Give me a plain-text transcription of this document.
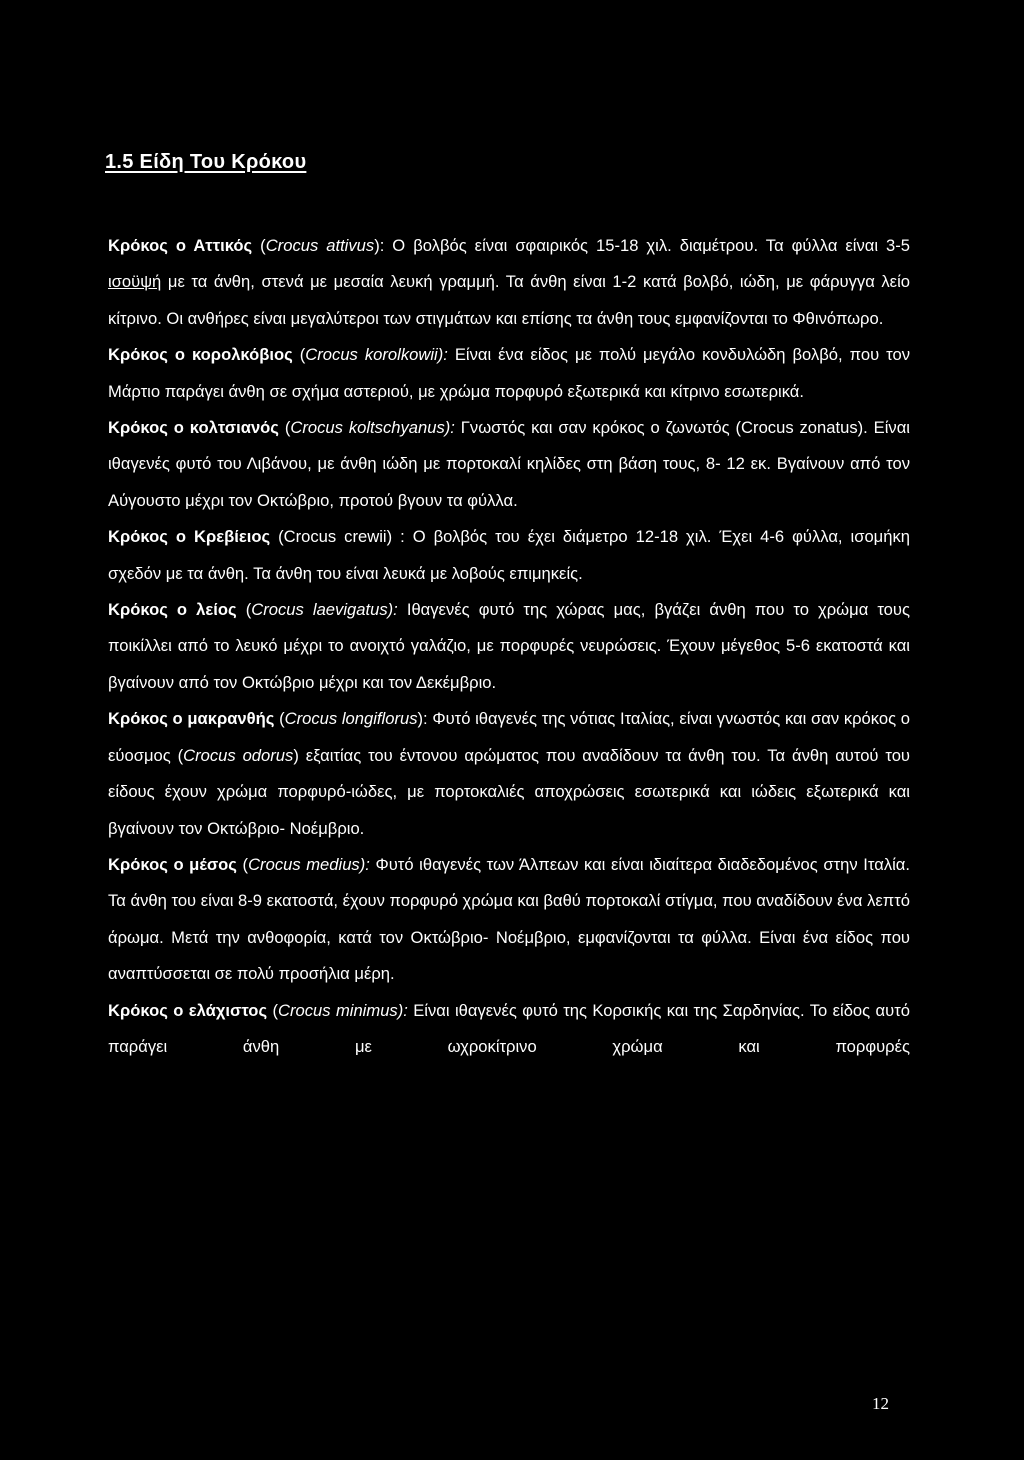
1.5 Είδη Του Κρόκου

Κρόκος ο Αττικός (Crocus attivus): Ο βολβός είναι σφαιρικός 15-18 χιλ. διαμέτρου. Τα φύλλα είναι 3-5 ισοϋψή με τα άνθη, στενά με μεσαία λευκή γραμμή. Τα άνθη είναι 1-2 κατά βολβό, ιώδη, με φάρυγγα λείο κίτρινο. Οι ανθήρες είναι μεγαλύτεροι των στιγμάτων και επίσης τα άνθη τους εμφανίζονται το Φθινόπωρο.

Κρόκος ο κορολκόβιος (Crocus korolkowii): Είναι ένα είδος με πολύ μεγάλο κονδυλώδη βολβό, που τον Μάρτιο παράγει άνθη σε σχήμα αστεριού, με χρώμα πορφυρό εξωτερικά και κίτρινο εσωτερικά.

Κρόκος ο κολτσιανός (Crocus koltschyanus): Γνωστός και σαν κρόκος ο ζωνωτός (Crocus zonatus). Είναι ιθαγενές φυτό του Λιβάνου, με άνθη ιώδη με πορτοκαλί κηλίδες στη βάση τους, 8- 12 εκ. Βγαίνουν από τον Αύγουστο μέχρι τον Οκτώβριο, προτού βγουν τα φύλλα.

Κρόκος ο Κρεβίειος (Crocus crewii) : Ο βολβός του έχει διάμετρο 12-18 χιλ. Έχει 4-6 φύλλα, ισομήκη σχεδόν με τα άνθη. Τα άνθη του είναι λευκά με λοβούς επιμηκείς.

Κρόκος ο λείος (Crocus laevigatus): Ιθαγενές φυτό της χώρας μας, βγάζει άνθη που το χρώμα τους ποικίλλει από το λευκό μέχρι το ανοιχτό γαλάζιο, με πορφυρές νευρώσεις. Έχουν μέγεθος 5-6 εκατοστά και βγαίνουν από τον Οκτώβριο μέχρι και τον Δεκέμβριο.

Κρόκος ο μακρανθής (Crocus longiflorus): Φυτό ιθαγενές της νότιας Ιταλίας, είναι γνωστός και σαν κρόκος ο εύοσμος (Crocus odorus) εξαιτίας του έντονου αρώματος που αναδίδουν τα άνθη του. Τα άνθη αυτού του είδους έχουν χρώμα πορφυρό-ιώδες, με πορτοκαλιές αποχρώσεις εσωτερικά και ιώδεις εξωτερικά και βγαίνουν τον Οκτώβριο- Νοέμβριο.

Κρόκος ο μέσος (Crocus medius): Φυτό ιθαγενές των Άλπεων και είναι ιδιαίτερα διαδεδομένος στην Ιταλία. Τα άνθη του είναι 8-9 εκατοστά, έχουν πορφυρό χρώμα και βαθύ πορτοκαλί στίγμα, που αναδίδουν ένα λεπτό άρωμα. Μετά την ανθοφορία, κατά τον Οκτώβριο- Νοέμβριο, εμφανίζονται τα φύλλα. Είναι ένα είδος που αναπτύσσεται σε πολύ προσήλια μέρη.

Κρόκος ο ελάχιστος (Crocus minimus): Είναι ιθαγενές φυτό της Κορσικής και της Σαρδηνίας. Το είδος αυτό παράγει άνθη με ωχροκίτρινο χρώμα και πορφυρές

12
